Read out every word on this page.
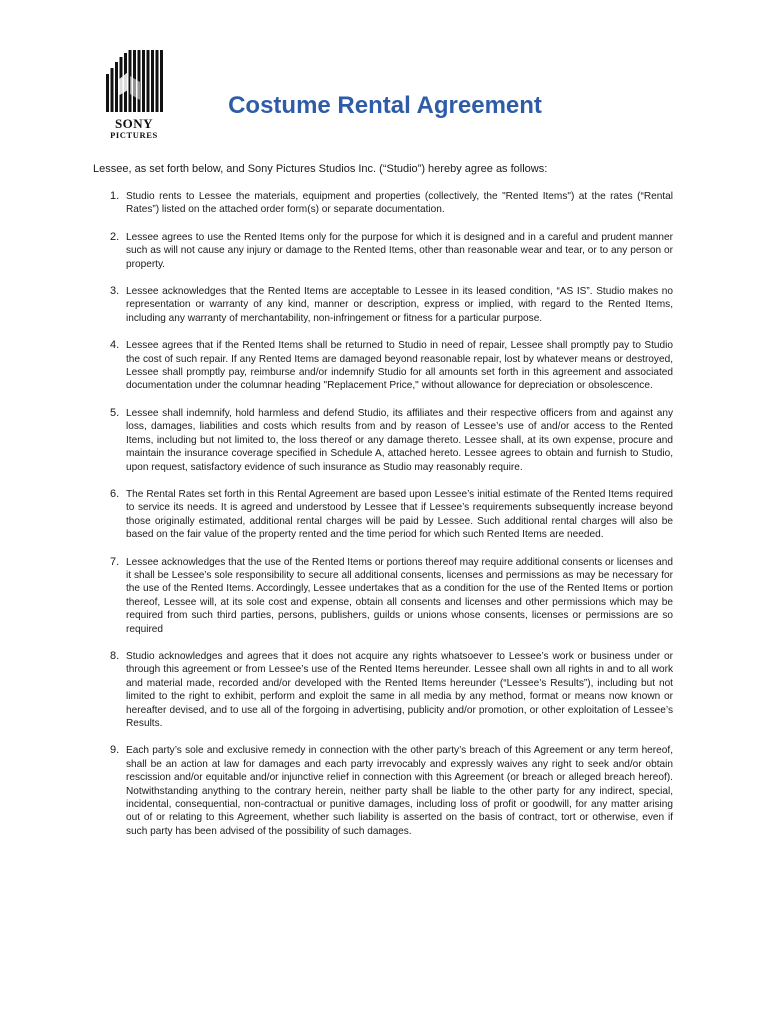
SONY
PICTURES
Costume Rental Agreement
Lessee, as set forth below, and Sony Pictures Studios Inc. (“Studio”) hereby agree as follows:

1. Studio rents to Lessee the materials, equipment and properties (collectively, the "Rented Items") at the rates (“Rental Rates”) listed on the attached order form(s) or separate documentation.

2. Lessee agrees to use the Rented Items only for the purpose for which it is designed and in a careful and prudent manner such as will not cause any injury or damage to the Rented Items, other than reasonable wear and tear, or to any person or property.

3. Lessee acknowledges that the Rented Items are acceptable to Lessee in its leased condition, “AS IS”. Studio makes no representation or warranty of any kind, manner or description, express or implied, with regard to the Rented Items, including any warranty of merchantability, non-infringement or fitness for a particular purpose.

4. Lessee agrees that if the Rented Items shall be returned to Studio in need of repair, Lessee shall promptly pay to Studio the cost of such repair. If any Rented Items are damaged beyond reasonable repair, lost by whatever means or destroyed, Lessee shall promptly pay, reimburse and/or indemnify Studio for all amounts set forth in this agreement and associated documentation under the columnar heading "Replacement Price," without allowance for depreciation or obsolescence.

5. Lessee shall indemnify, hold harmless and defend Studio, its affiliates and their respective officers from and against any loss, damages, liabilities and costs which results from and by reason of Lessee’s use of and/or access to the Rented Items, including but not limited to, the loss thereof or any damage thereto. Lessee shall, at its own expense, procure and maintain the insurance coverage specified in Schedule A, attached hereto. Lessee agrees to obtain and furnish to Studio, upon request, satisfactory evidence of such insurance as Studio may reasonably require.

6. The Rental Rates set forth in this Rental Agreement are based upon Lessee’s initial estimate of the Rented Items required to service its needs. It is agreed and understood by Lessee that if Lessee’s requirements subsequently increase beyond those originally estimated, additional rental charges will be paid by Lessee. Such additional rental charges will also be based on the fair value of the property rented and the time period for which such Rented Items are needed.

7. Lessee acknowledges that the use of the Rented Items or portions thereof may require additional consents or licenses and it shall be Lessee’s sole responsibility to secure all additional consents, licenses and permissions as may be necessary for the use of the Rented Items. Accordingly, Lessee undertakes that as a condition for the use of the Rented Items or portion thereof, Lessee will, at its sole cost and expense, obtain all consents and licenses and other permissions which may be required from such third parties, persons, publishers, guilds or unions whose consents, licenses or permissions are so required

8. Studio acknowledges and agrees that it does not acquire any rights whatsoever to Lessee’s work or business under or through this agreement or from Lessee’s use of the Rented Items hereunder. Lessee shall own all rights in and to all work and material made, recorded and/or developed with the Rented Items hereunder (“Lessee’s Results”), including but not limited to the right to exhibit, perform and exploit the same in all media by any method, format or means now known or hereafter devised, and to use all of the forgoing in advertising, publicity and/or promotion, or other exploitation of Lessee’s Results.

9. Each party’s sole and exclusive remedy in connection with the other party’s breach of this Agreement or any term hereof, shall be an action at law for damages and each party irrevocably and expressly waives any right to seek and/or obtain rescission and/or equitable and/or injunctive relief in connection with this Agreement (or breach or alleged breach hereof). Notwithstanding anything to the contrary herein, neither party shall be liable to the other party for any indirect, special, incidental, consequential, non-contractual or punitive damages, including loss of profit or goodwill, for any matter arising out of or relating to this Agreement, whether such liability is asserted on the basis of contract, tort or otherwise, even if such party has been advised of the possibility of such damages.
